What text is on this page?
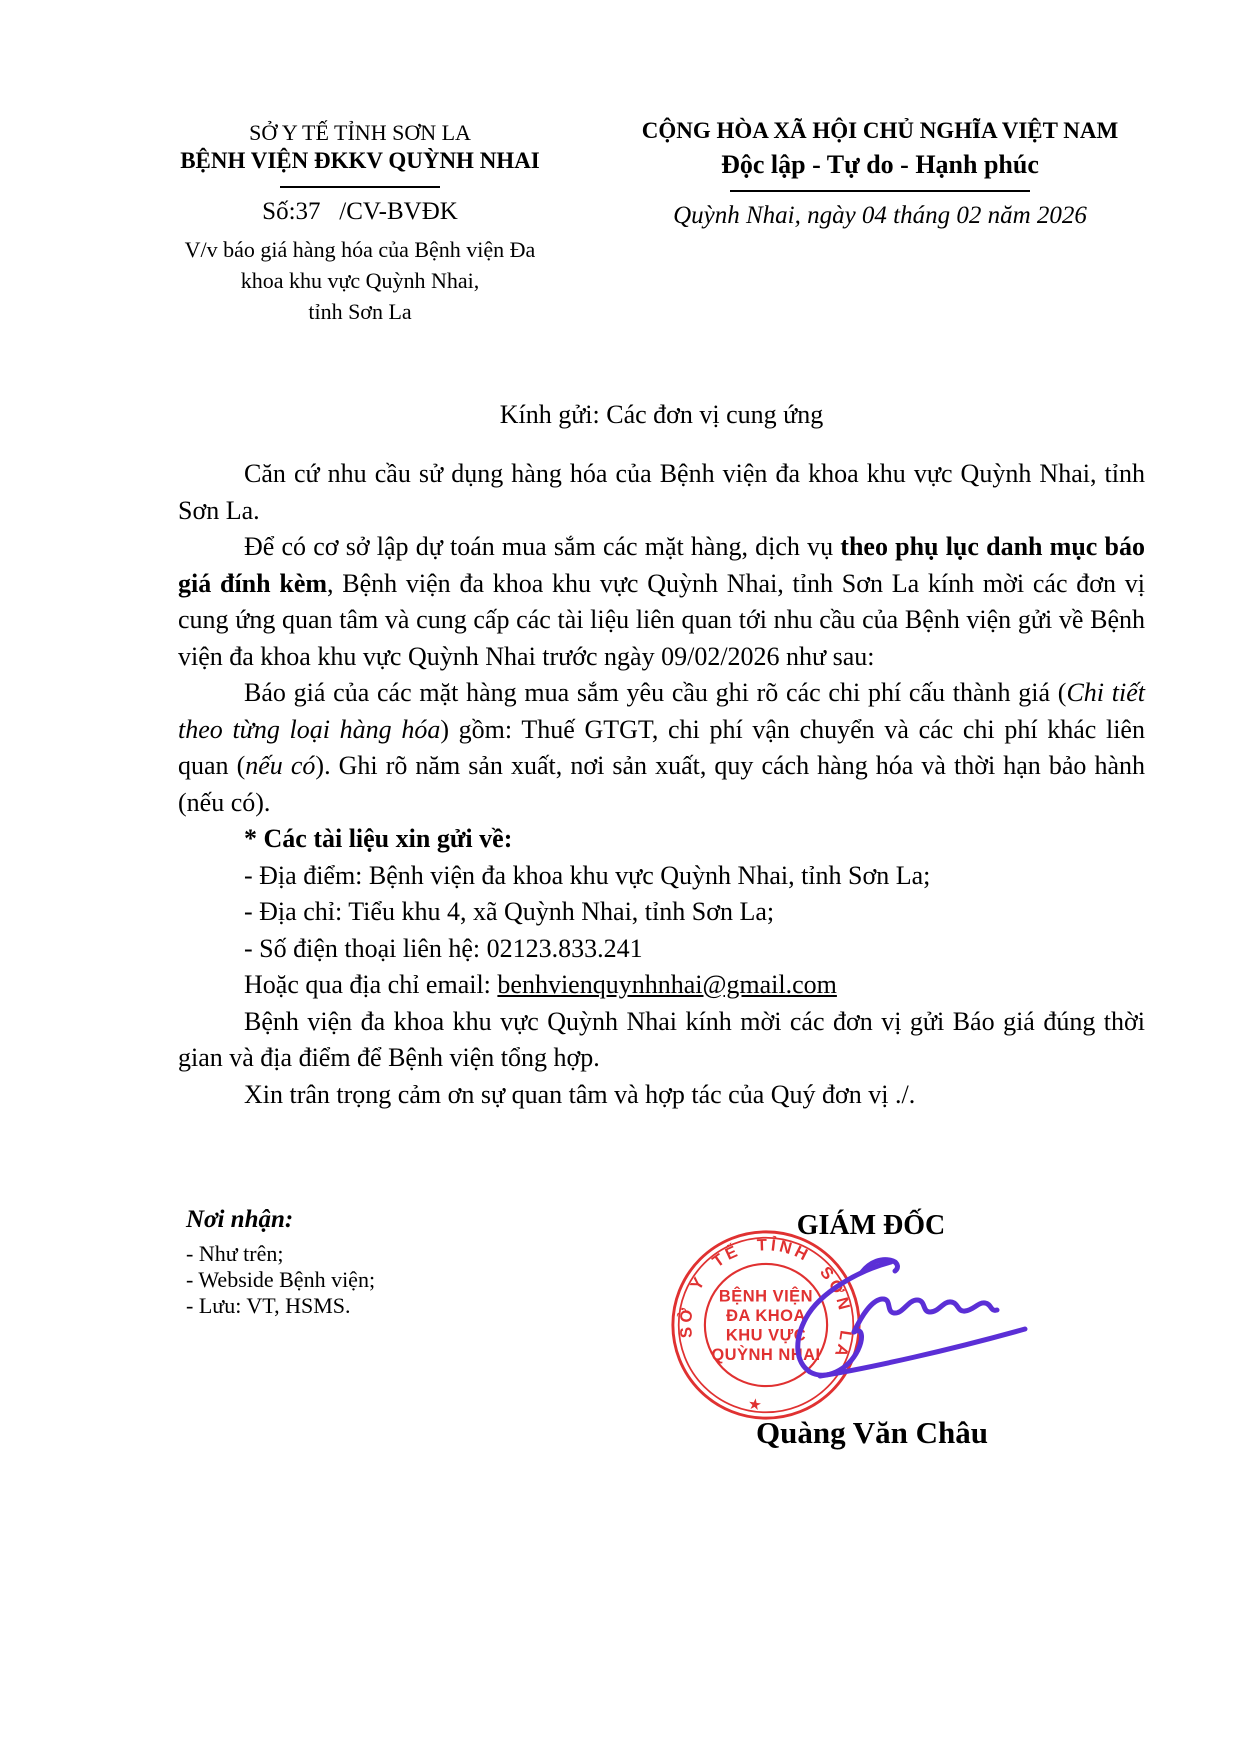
SỞ Y TẾ TỈNH SƠN LA
BỆNH VIỆN ĐKKV QUỲNH NHAI
Số:37   /CV-BVĐK
V/v báo giá hàng hóa của Bệnh viện Đa
khoa khu vực Quỳnh Nhai,
tỉnh Sơn La
CỘNG HÒA XÃ HỘI CHỦ NGHĨA VIỆT NAM
Độc lập - Tự do - Hạnh phúc
Quỳnh Nhai, ngày 04 tháng 02 năm 2026
Kính gửi: Các đơn vị cung ứng

Căn cứ nhu cầu sử dụng hàng hóa của Bệnh viện đa khoa khu vực Quỳnh Nhai, tỉnh Sơn La.

Để có cơ sở lập dự toán mua sắm các mặt hàng, dịch vụ theo phụ lục danh mục báo giá đính kèm, Bệnh viện đa khoa khu vực Quỳnh Nhai, tỉnh Sơn La kính mời các đơn vị cung ứng quan tâm và cung cấp các tài liệu liên quan tới nhu cầu của Bệnh viện gửi về Bệnh viện đa khoa khu vực Quỳnh Nhai trước ngày 09/02/2026 như sau:

Báo giá của các mặt hàng mua sắm yêu cầu ghi rõ các chi phí cấu thành giá (Chi tiết theo từng loại hàng hóa) gồm: Thuế GTGT, chi phí vận chuyển và các chi phí khác liên quan (nếu có). Ghi rõ năm sản xuất, nơi sản xuất, quy cách hàng hóa và thời hạn bảo hành (nếu có).

* Các tài liệu xin gửi về:

- Địa điểm: Bệnh viện đa khoa khu vực Quỳnh Nhai, tỉnh Sơn La;

- Địa chỉ: Tiểu khu 4, xã Quỳnh Nhai, tỉnh Sơn La;

- Số điện thoại liên hệ: 02123.833.241

Hoặc qua địa chỉ email: benhvienquynhnhai@gmail.com

Bệnh viện đa khoa khu vực Quỳnh Nhai kính mời các đơn vị gửi Báo giá đúng thời gian và địa điểm để Bệnh viện tổng hợp.

Xin trân trọng cảm ơn sự quan tâm và hợp tác của Quý đơn vị ./.

Nơi nhận:
- Như trên;
- Webside Bệnh viện;
- Lưu: VT, HSMS.
GIÁM ĐỐC
SỞ Y TẾ TỈNH SƠN LA
★
BỆNH VIỆN
ĐA KHOA
KHU VỰC
QUỲNH NHAI
Quàng Văn Châu
